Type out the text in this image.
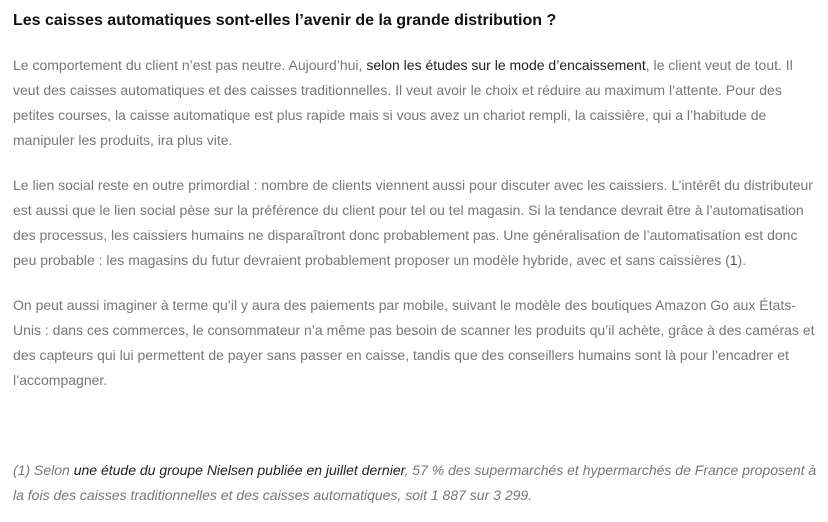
Les caisses automatiques sont-elles l’avenir de la grande distribution ?

Le comportement du client n’est pas neutre. Aujourd’hui, selon les études sur le mode d’encaissement, le client veut de tout. Il veut des caisses automatiques et des caisses traditionnelles. Il veut avoir le choix et réduire au maximum l’attente. Pour des petites courses, la caisse automatique est plus rapide mais si vous avez un chariot rempli, la caissière, qui a l’habitude de manipuler les produits, ira plus vite.

Le lien social reste en outre primordial : nombre de clients viennent aussi pour discuter avec les caissiers. L’intérêt du distributeur est aussi que le lien social pèse sur la préférence du client pour tel ou tel magasin. Si la tendance devrait être à l’automatisation des processus, les caissiers humains ne disparaîtront donc probablement pas. Une généralisation de l’automatisation est donc peu probable : les magasins du futur devraient probablement proposer un modèle hybride, avec et sans caissières (1).

On peut aussi imaginer à terme qu’il y aura des paiements par mobile, suivant le modèle des boutiques Amazon Go aux États-Unis : dans ces commerces, le consommateur n’a même pas besoin de scanner les produits qu’il achète, grâce à des caméras et des capteurs qui lui permettent de payer sans passer en caisse, tandis que des conseillers humains sont là pour l’encadrer et l’accompagner.

(1) Selon une étude du groupe Nielsen publiée en juillet dernier, 57 % des supermarchés et hypermarchés de France proposent à la fois des caisses traditionnelles et des caisses automatiques, soit 1 887 sur 3 299.
